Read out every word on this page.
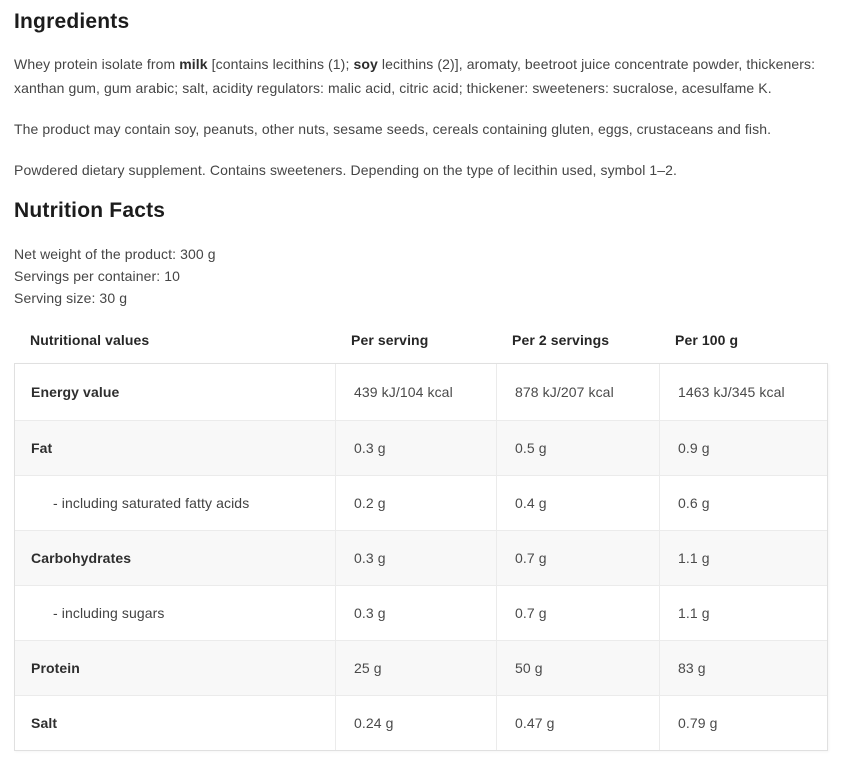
Ingredients

Whey protein isolate from milk [contains lecithins (1); soy lecithins (2)], aromaty, beetroot juice concentrate powder, thickeners: xanthan gum, gum arabic; salt, acidity regulators: malic acid, citric acid; thickener: sweeteners: sucralose, acesulfame K.

The product may contain soy, peanuts, other nuts, sesame seeds, cereals containing gluten, eggs, crustaceans and fish.

Powdered dietary supplement. Contains sweeteners. Depending on the type of lecithin used, symbol 1–2.

Nutrition Facts

Net weight of the product: 300 g

Servings per container: 10

Serving size: 30 g

Nutritional values	Per serving	Per 2 servings	Per 100 g
Energy value	439 kJ/104 kcal	878 kJ/207 kcal	1463 kJ/345 kcal
Fat	0.3 g	0.5 g	0.9 g
- including saturated fatty acids	0.2 g	0.4 g	0.6 g
Carbohydrates	0.3 g	0.7 g	1.1 g
- including sugars	0.3 g	0.7 g	1.1 g
Protein	25 g	50 g	83 g
Salt	0.24 g	0.47 g	0.79 g
